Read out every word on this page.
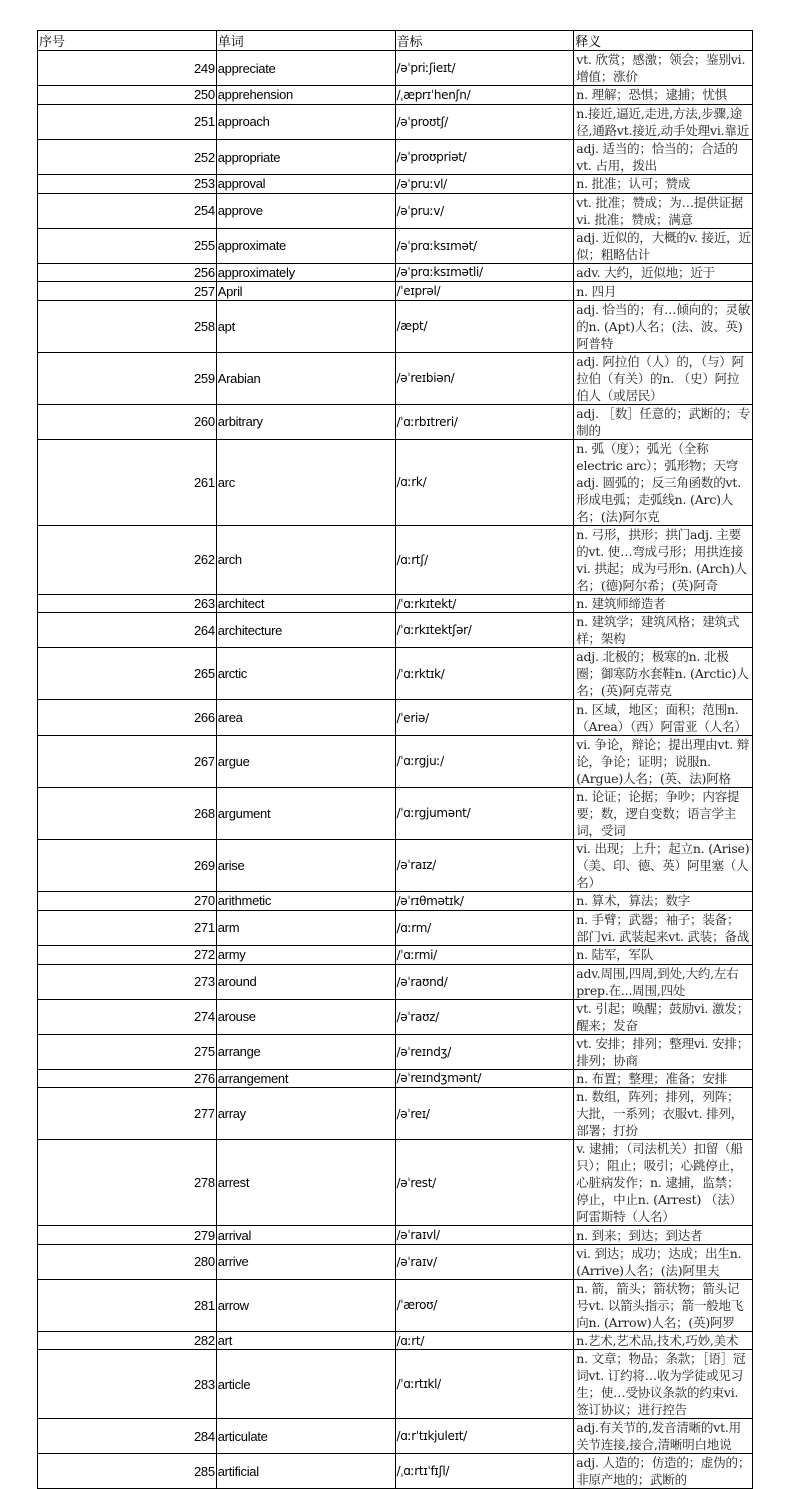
序号	单词	音标	释义
249	appreciate	/əˈpriːʃieɪt/	vt. 欣赏；感激；领会；鉴别vi. 增值；涨价
250	apprehension	/ˌæprɪˈhenʃn/	n. 理解；恐惧；逮捕；忧惧
251	approach	/əˈproʊtʃ/	n.接近,逼近,走进,方法,步骤,途径,通路vt.接近,动手处理vi.靠近
252	appropriate	/əˈproʊpriət/	adj. 适当的；恰当的；合适的vt. 占用，拨出
253	approval	/əˈpruːvl/	n. 批准；认可；赞成
254	approve	/əˈpruːv/	vt. 批准；赞成；为…提供证据vi. 批准；赞成；满意
255	approximate	/əˈprɑːksɪmət/	adj. 近似的，大概的v. 接近，近似；粗略估计
256	approximately	/əˈprɑːksɪmətli/	adv. 大约，近似地；近于
257	April	/ˈeɪprəl/	n. 四月
258	apt	/æpt/	adj. 恰当的；有…倾向的；灵敏的n. (Apt)人名；(法、波、英)阿普特
259	Arabian	/əˈreɪbiən/	adj. 阿拉伯（人）的，（与）阿拉伯（有关）的n. （史）阿拉伯人（或居民）
260	arbitrary	/ˈɑːrbɪtreri/	adj. ［数］任意的；武断的；专制的
261	arc	/ɑːrk/	n. 弧（度）；弧光（全称electric arc）；弧形物；天穹adj. 圆弧的；反三角函数的vt. 形成电弧；走弧线n. (Arc)人名；(法)阿尔克
262	arch	/ɑːrtʃ/	n. 弓形，拱形；拱门adj. 主要的vt. 使…弯成弓形；用拱连接vi. 拱起；成为弓形n. (Arch)人名；(德)阿尔希；(英)阿奇
263	architect	/ˈɑːrkɪtekt/	n. 建筑师缔造者
264	architecture	/ˈɑːrkɪtektʃər/	n. 建筑学；建筑风格；建筑式样；架构
265	arctic	/ˈɑːrktɪk/	adj. 北极的；极寒的n. 北极圈；御寒防水套鞋n. (Arctic)人名；(英)阿克蒂克
266	area	/ˈeriə/	n. 区域，地区；面积；范围n. （Area）（西）阿雷亚（人名）
267	argue	/ˈɑːrgjuː/	vi. 争论，辩论；提出理由vt. 辩论，争论；证明；说服n. (Argue)人名；(英、法)阿格
268	argument	/ˈɑːrgjumənt/	n. 论证；论据；争吵；内容提要；数，逻自变数；语言学主词，受词
269	arise	/əˈraɪz/	vi. 出现；上升；起立n. (Arise) （美、印、德、英）阿里塞（人名）
270	arithmetic	/əˈrɪθmətɪk/	n. 算术，算法；数字
271	arm	/ɑːrm/	n. 手臂；武器；袖子；装备；部门vi. 武装起来vt. 武装；备战
272	army	/ˈɑːrmi/	n. 陆军，军队
273	around	/əˈraʊnd/	adv.周围,四周,到处,大约,左右 prep.在...周围,四处
274	arouse	/əˈraʊz/	vt. 引起；唤醒；鼓励vi. 激发；醒来；发奋
275	arrange	/əˈreɪndʒ/	vt. 安排；排列；整理vi. 安排；排列；协商
276	arrangement	/əˈreɪndʒmənt/	n. 布置；整理；准备；安排
277	array	/əˈreɪ/	n. 数组，阵列；排列，列阵；大批，一系列；衣服vt. 排列，部署；打扮
278	arrest	/əˈrest/	v. 逮捕；（司法机关）扣留（船只）；阻止；吸引；心跳停止，心脏病发作；n. 逮捕，监禁； 停止，中止n. (Arrest) （法）阿雷斯特（人名）
279	arrival	/əˈraɪvl/	n. 到来；到达；到达者
280	arrive	/əˈraɪv/	vi. 到达；成功；达成；出生n. (Arrive)人名；(法)阿里夫
281	arrow	/ˈæroʊ/	n. 箭，箭头；箭状物；箭头记号vt. 以箭头指示；箭一般地飞向n. (Arrow)人名；(英)阿罗
282	art	/ɑːrt/	n.艺术,艺术品,技术,巧妙,美术
283	article	/ˈɑːrtɪkl/	n. 文章；物品；条款；［语］冠词vt. 订约将…收为学徒或见习生；使…受协议条款的约束vi. 签订协议；进行控告
284	articulate	/ɑːrˈtɪkjuleɪt/	adj.有关节的,发音清晰的vt.用关节连接,接合,清晰明白地说
285	artificial	/ˌɑːrtɪˈfɪʃl/	adj. 人造的；仿造的；虚伪的；非原产地的；武断的
